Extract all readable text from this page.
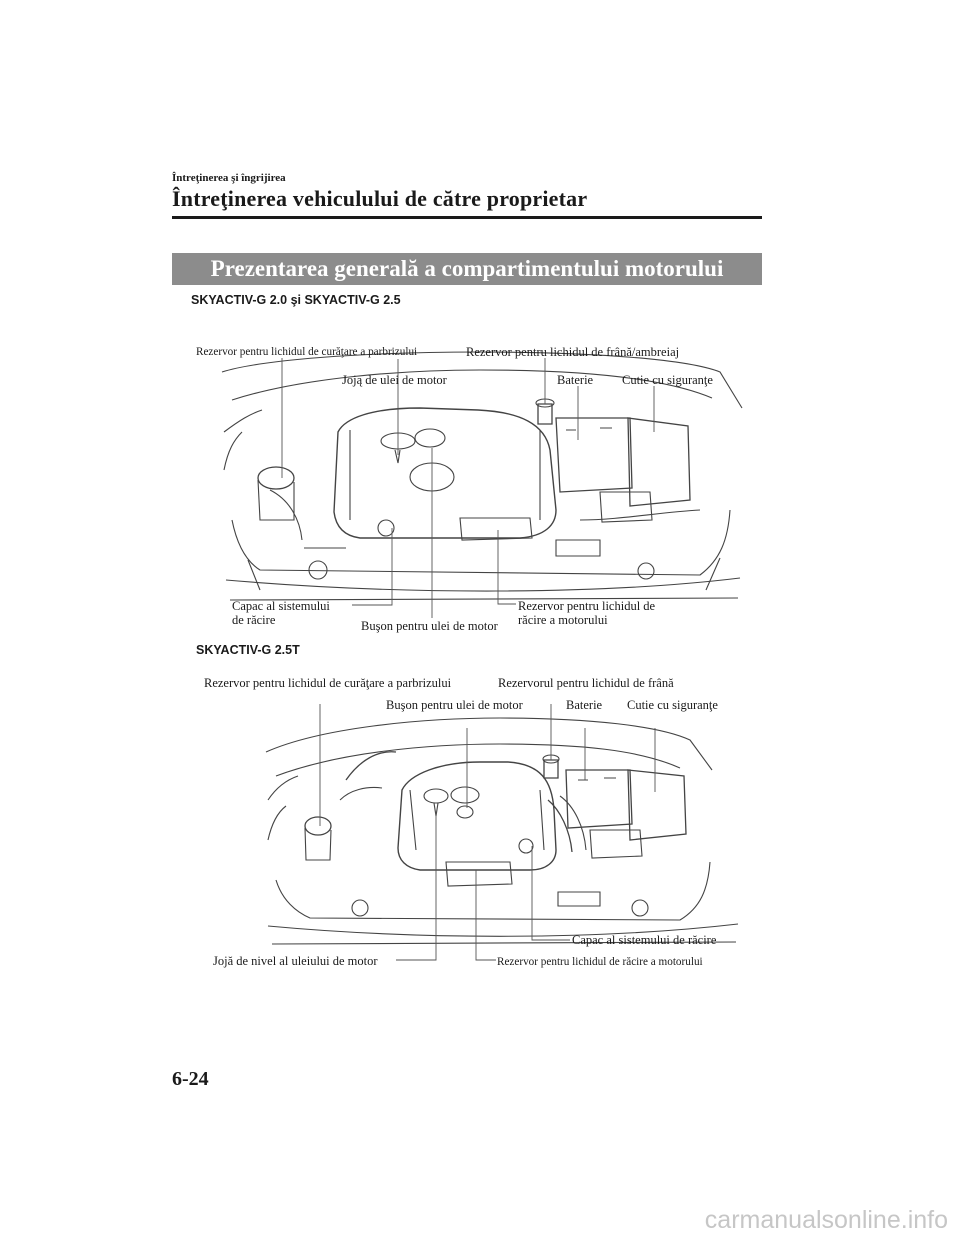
Întreţinerea şi îngrijirea
Întreţinerea vehiculului de către proprietar
Prezentarea generală a compartimentului motorului
SKYACTIV-G 2.0 şi SKYACTIV-G 2.5
Rezervor pentru lichidul de curăţare a parbrizului	Rezervor pentru lichidul de frână/ambreiaj
Joją de ulei de motor	Baterie Cutie cu siguranţe
Capac al sistemului
de răcire	Buşon pentru ulei de motor
Rezervor pentru lichidul de
răcire a motorului
SKYACTIV-G 2.5T
Rezervor pentru lichidul de curăţare a parbrizului	Rezervorul pentru lichidul de frână
Buşon pentru ulei de motor	Baterie Cutie cu siguranţe
Capac al sistemului de răcire
Jojă de nivel al uleiului de motor	Rezervor pentru lichidul de răcire a motorului
6-24
carmanualsonline.info
